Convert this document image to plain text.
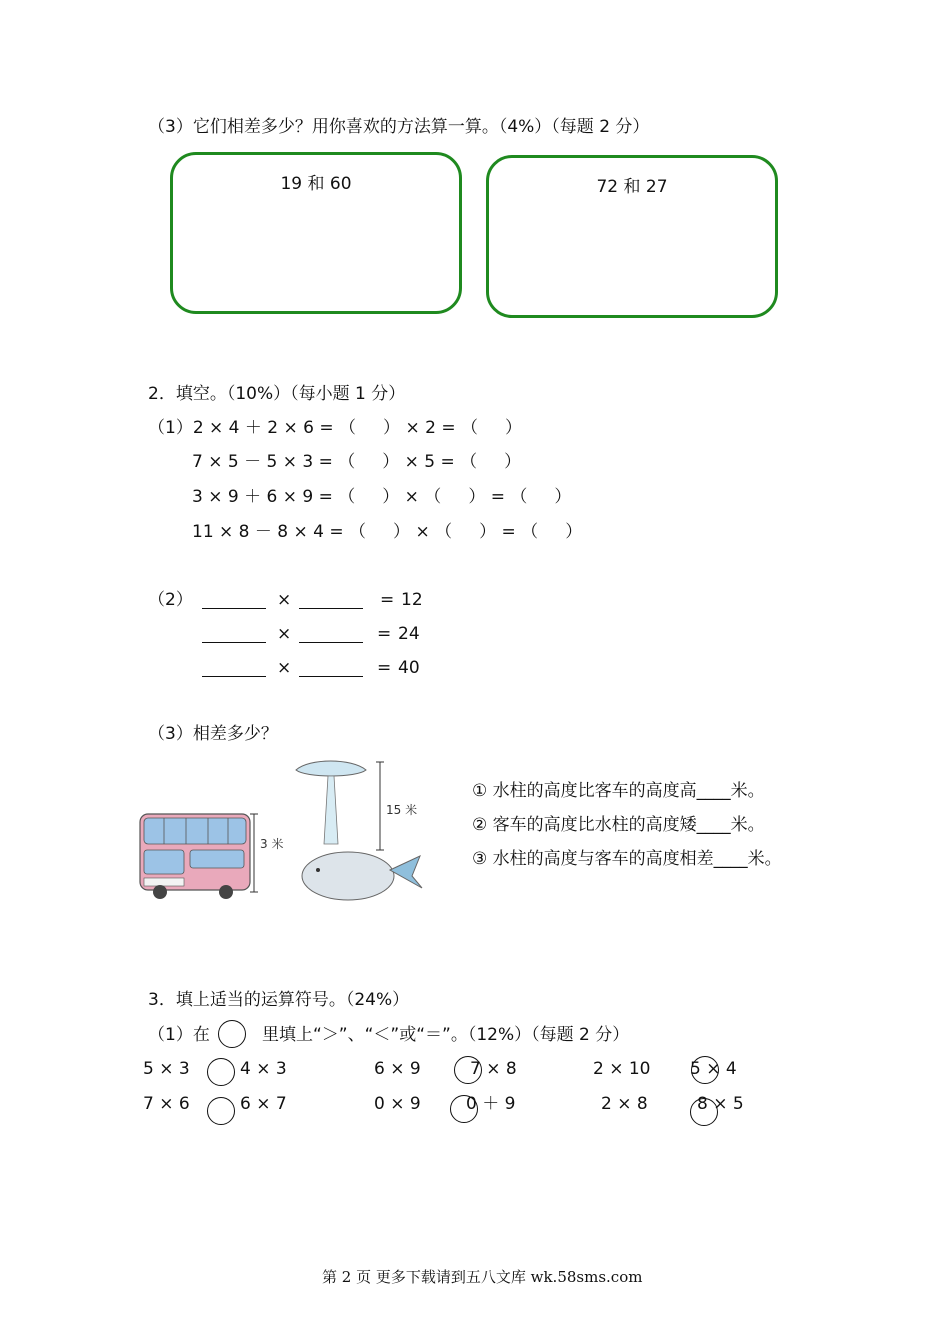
（3）它们相差多少？用你喜欢的方法算一算。（4%）（每题 2 分）
19 和 60	72 和 27
2．填空。（10%）（每小题 1 分）
（1）2 × 4 ＋ 2 × 6 = （     ） × 2 = （     ）
7 × 5 － 5 × 3 = （     ） × 5 = （     ）
3 × 9 ＋ 6 × 9 = （     ） × （     ） = （     ）
11 × 8 － 8 × 4 = （     ） × （     ） = （     ）
（2）	×	= 12
×	= 24
×	= 40
（3）相差多少？
3 米
15 米
① 水柱的高度比客车的高度高____米。
② 客车的高度比水柱的高度矮____米。
③ 水柱的高度与客车的高度相差____米。
3．填上适当的运算符号。（24%）
（1）在	里填上“＞”、“＜”或“＝”。（12%）（每题 2 分）
5 × 3	4 × 3	6 × 9	7 × 8	2 × 10 5 × 4
7 × 6	6 × 7	0 × 9	0 ＋ 9	2 × 8	8 × 5
第 2 页 更多下载请到五八文库 wk.58sms.com
